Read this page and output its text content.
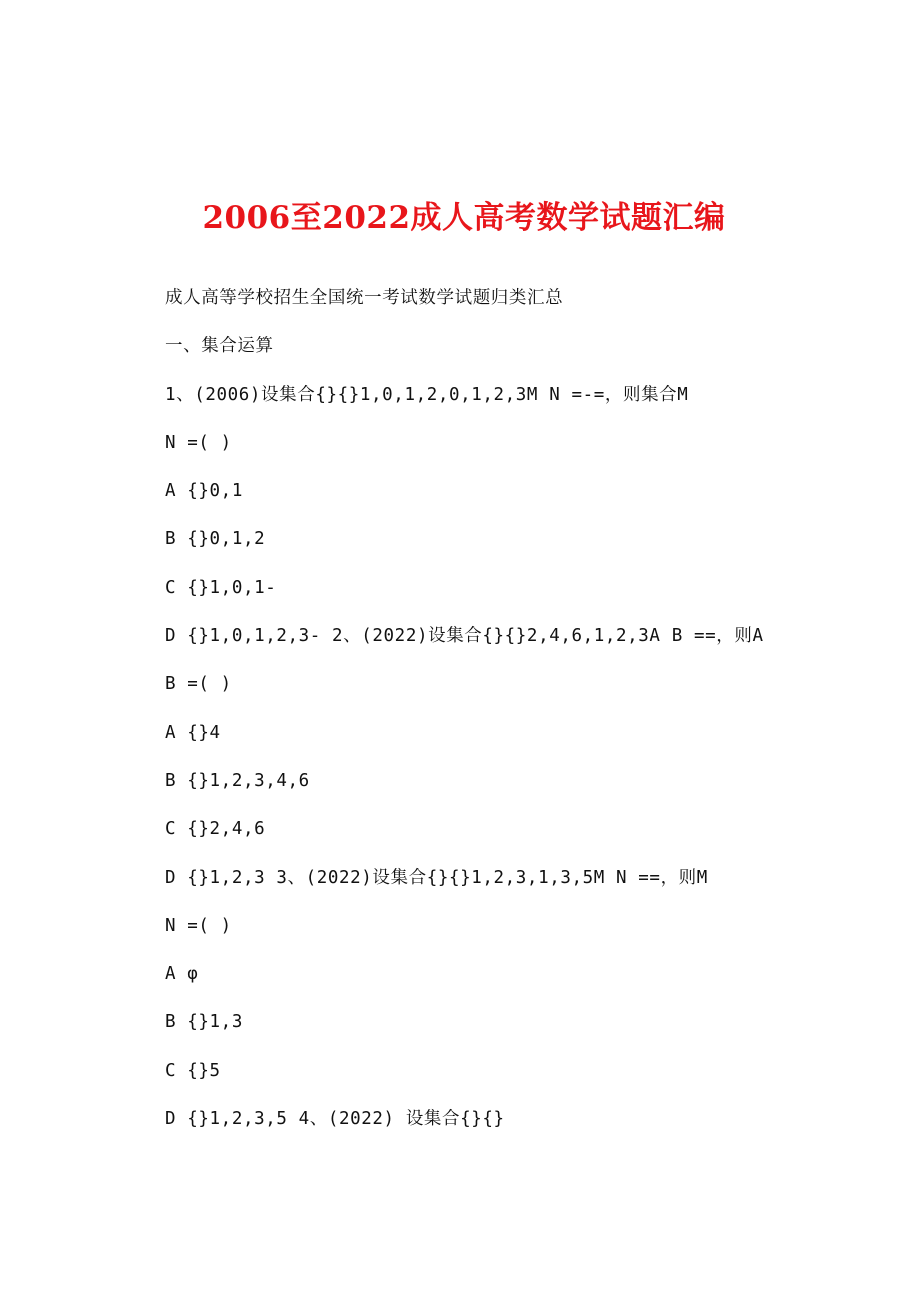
2006至2022成人高考数学试题汇编
成人高等学校招生全国统一考试数学试题归类汇总
一、集合运算
1、(2006)设集合{}{}1,0,1,2,0,1,2,3M N =-=，则集合M
N =( )
A {}0,1
B {}0,1,2
C {}1,0,1-
D {}1,0,1,2,3- 2、(2022)设集合{}{}2,4,6,1,2,3A B ==，则A
B =( )
A {}4
B {}1,2,3,4,6
C {}2,4,6
D {}1,2,3 3、(2022)设集合{}{}1,2,3,1,3,5M N ==，则M
N =( )
A φ
B {}1,3
C {}5
D {}1,2,3,5 4、(2022) 设集合{}{}
